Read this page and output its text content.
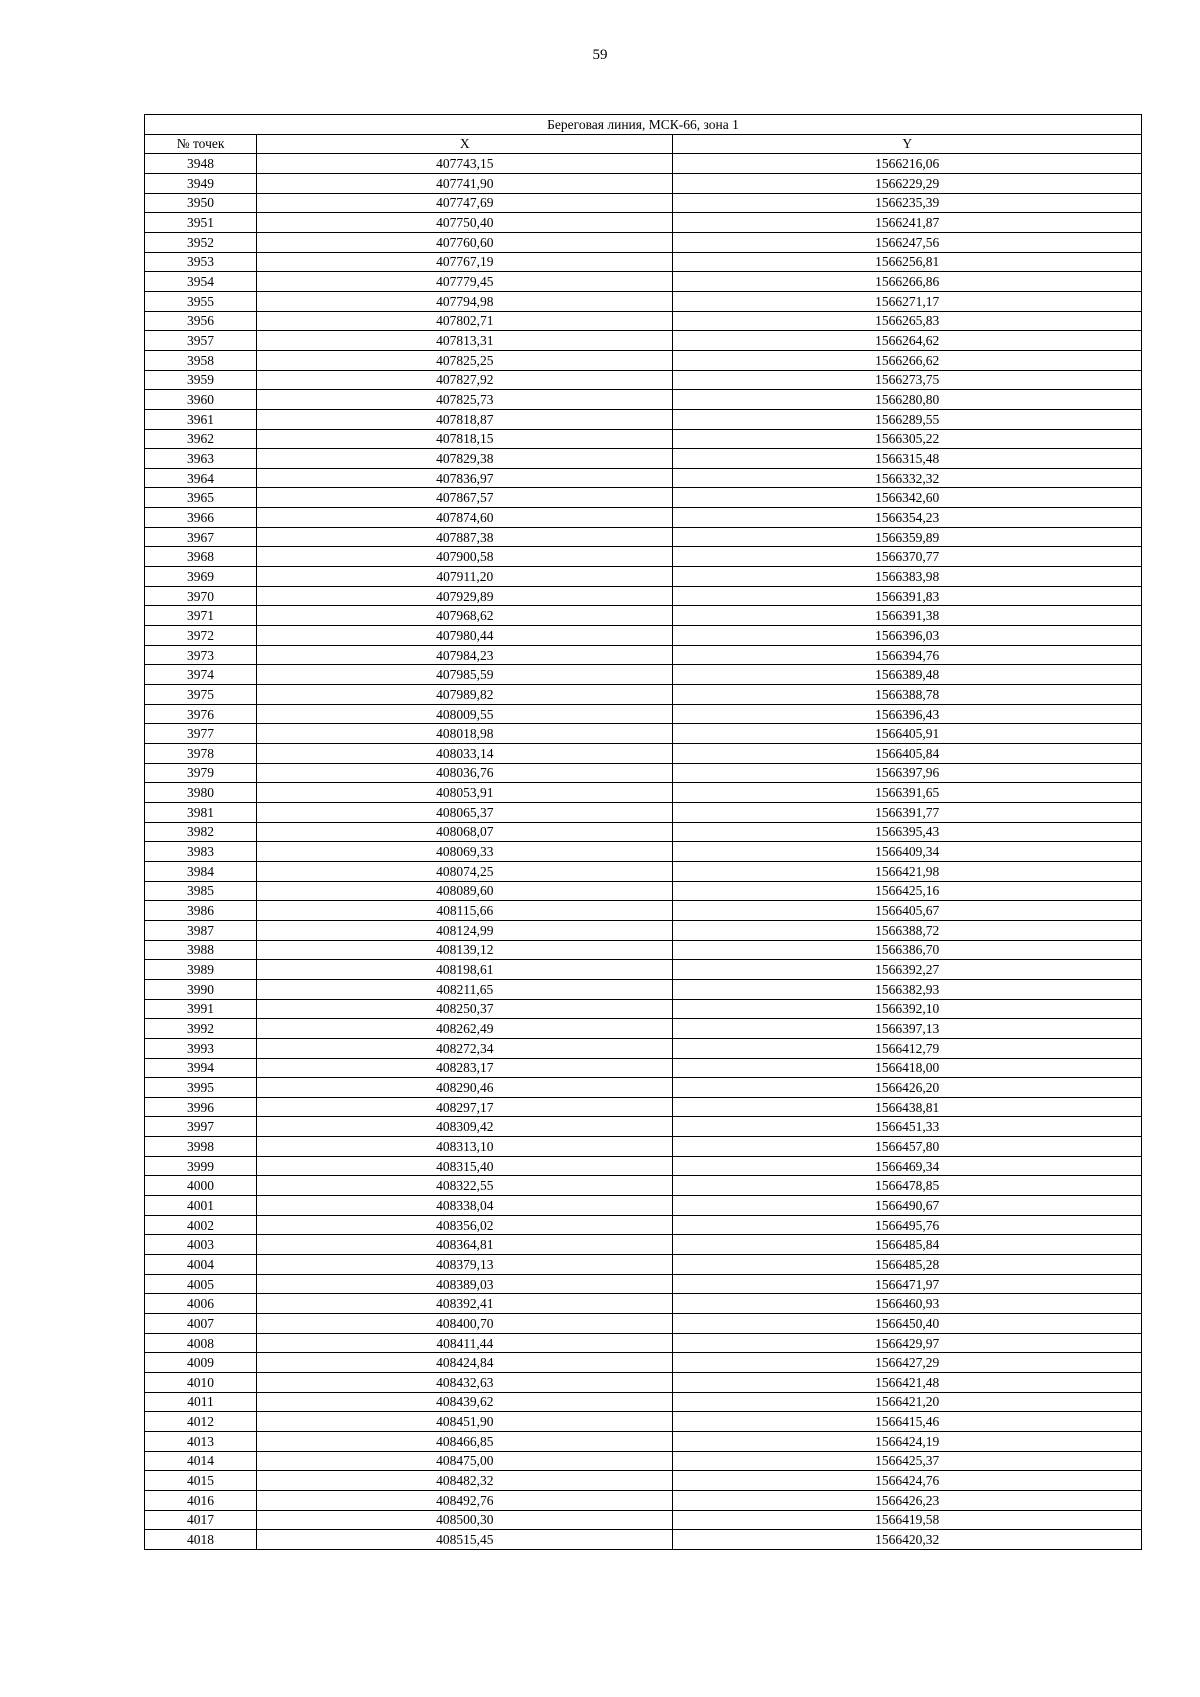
59
Береговая линия, МСК-66, зона 1		
№ точек	X	Y
3948	407743,15	1566216,06
3949	407741,90	1566229,29
3950	407747,69	1566235,39
3951	407750,40	1566241,87
3952	407760,60	1566247,56
3953	407767,19	1566256,81
3954	407779,45	1566266,86
3955	407794,98	1566271,17
3956	407802,71	1566265,83
3957	407813,31	1566264,62
3958	407825,25	1566266,62
3959	407827,92	1566273,75
3960	407825,73	1566280,80
3961	407818,87	1566289,55
3962	407818,15	1566305,22
3963	407829,38	1566315,48
3964	407836,97	1566332,32
3965	407867,57	1566342,60
3966	407874,60	1566354,23
3967	407887,38	1566359,89
3968	407900,58	1566370,77
3969	407911,20	1566383,98
3970	407929,89	1566391,83
3971	407968,62	1566391,38
3972	407980,44	1566396,03
3973	407984,23	1566394,76
3974	407985,59	1566389,48
3975	407989,82	1566388,78
3976	408009,55	1566396,43
3977	408018,98	1566405,91
3978	408033,14	1566405,84
3979	408036,76	1566397,96
3980	408053,91	1566391,65
3981	408065,37	1566391,77
3982	408068,07	1566395,43
3983	408069,33	1566409,34
3984	408074,25	1566421,98
3985	408089,60	1566425,16
3986	408115,66	1566405,67
3987	408124,99	1566388,72
3988	408139,12	1566386,70
3989	408198,61	1566392,27
3990	408211,65	1566382,93
3991	408250,37	1566392,10
3992	408262,49	1566397,13
3993	408272,34	1566412,79
3994	408283,17	1566418,00
3995	408290,46	1566426,20
3996	408297,17	1566438,81
3997	408309,42	1566451,33
3998	408313,10	1566457,80
3999	408315,40	1566469,34
4000	408322,55	1566478,85
4001	408338,04	1566490,67
4002	408356,02	1566495,76
4003	408364,81	1566485,84
4004	408379,13	1566485,28
4005	408389,03	1566471,97
4006	408392,41	1566460,93
4007	408400,70	1566450,40
4008	408411,44	1566429,97
4009	408424,84	1566427,29
4010	408432,63	1566421,48
4011	408439,62	1566421,20
4012	408451,90	1566415,46
4013	408466,85	1566424,19
4014	408475,00	1566425,37
4015	408482,32	1566424,76
4016	408492,76	1566426,23
4017	408500,30	1566419,58
4018	408515,45	1566420,32
